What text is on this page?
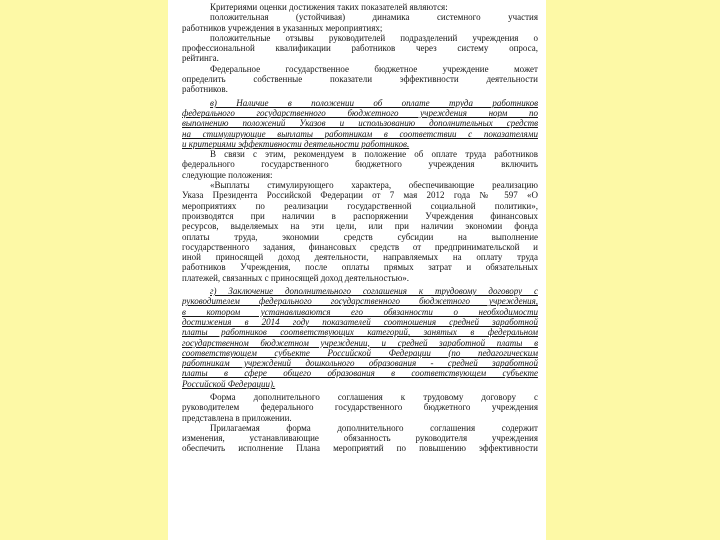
Критериями оценки достижения таких показателей являются:
положительная (устойчивая) динамика системного участия
работников учреждения в указанных мероприятиях;
положительные отзывы руководителей подразделений учреждения о
профессиональной квалификации работников через систему опроса,
рейтинга.
Федеральное государственное бюджетное учреждение может
определить собственные показатели эффективности деятельности
работников.
в) Наличие в положении об оплате труда работников
федерального государственного бюджетного учреждения норм по
выполнению положений Указов и использованию дополнительных средств
на стимулирующие выплаты работникам в соответствии с показателями
и критериями эффективности деятельности работников.
В связи с этим, рекомендуем в положение об оплате труда работников
федерального государственного бюджетного учреждения включить
следующие положения:
«Выплаты стимулирующего характера, обеспечивающие реализацию
Указа Президента Российской Федерации от 7 мая 2012 года № 597 «О
мероприятиях по реализации государственной социальной политики»,
производятся при наличии в распоряжении Учреждения финансовых
ресурсов, выделяемых на эти цели, или при наличии экономии фонда
оплаты труда, экономии средств субсидии на выполнение
государственного задания, финансовых средств от предпринимательской и
иной приносящей доход деятельности, направляемых на оплату труда
работников Учреждения, после оплаты прямых затрат и обязательных
платежей, связанных с приносящей доход деятельностью».
г) Заключение дополнительного соглашения к трудовому договору с
руководителем федерального государственного бюджетного учреждения,
в котором устанавливаются его обязанности о необходимости
достижения в 2014 году показателей соотношения средней заработной
платы работников соответствующих категорий, занятых в федеральном
государственном бюджетном учреждении, и средней заработной платы в
соответствующем субъекте Российской Федерации (по педагогическим
работникам учреждений дошкольного образования - средней заработной
платы в сфере общего образования в соответствующем субъекте
Российской Федерации).
Форма дополнительного соглашения к трудовому договору с
руководителем федерального государственного бюджетного учреждения
представлена в приложении.
Прилагаемая форма дополнительного соглашения содержит
изменения, устанавливающие обязанность руководителя учреждения
обеспечить исполнение Плана мероприятий по повышению эффективности
